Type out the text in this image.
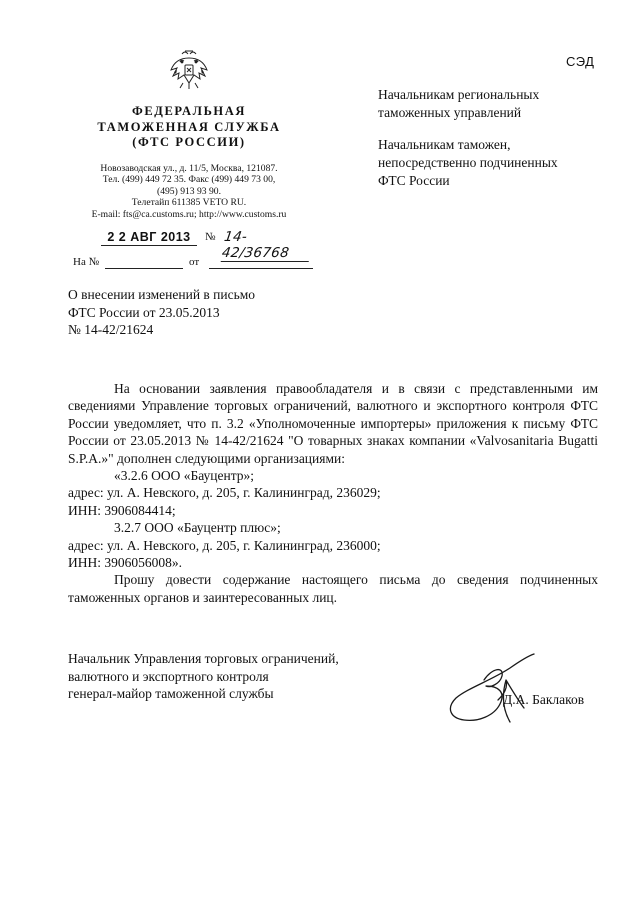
СЭД
ФЕДЕРАЛЬНАЯ
ТАМОЖЕННАЯ СЛУЖБА
(ФТС РОССИИ)
Новозаводская ул., д. 11/5, Москва, 121087.
Тел. (499) 449 72 35. Факс (499) 449 73 00,
(495) 913 93 90.
Телетайп 611385 VETO RU.
E-mail: fts@ca.customs.ru; http://www.customs.ru
2 2 АВГ 2013	№ 14-42/36768
На №	от

Начальникам региональных таможенных управлений

Начальникам таможен, непосредственно подчиненных ФТС России

О внесении изменений в письмо
ФТС России от 23.05.2013
№ 14-42/21624
На основании заявления правообладателя и в связи с представленными им сведениями Управление торговых ограничений, валютного и экспортного контроля ФТС России уведомляет, что п. 3.2 «Уполномоченные импортеры» приложения к письму ФТС России от 23.05.2013 № 14-42/21624 "О товарных знаках компании «Valvosanitaria Bugatti S.P.A.»" дополнен следующими организациями:
«3.2.6 ООО «Бауцентр»;
адрес: ул. А. Невского, д. 205, г. Калининград, 236029;
ИНН: 3906084414;
3.2.7 ООО «Бауцентр плюс»;
адрес: ул. А. Невского, д. 205, г. Калининград, 236000;
ИНН: 3906056008».
Прошу довести содержание настоящего письма до сведения подчиненных таможенных органов и заинтересованных лиц.
Начальник Управления торговых ограничений,
валютного и экспортного контроля
генерал-майор таможенной службы	Д.А. Баклаков
